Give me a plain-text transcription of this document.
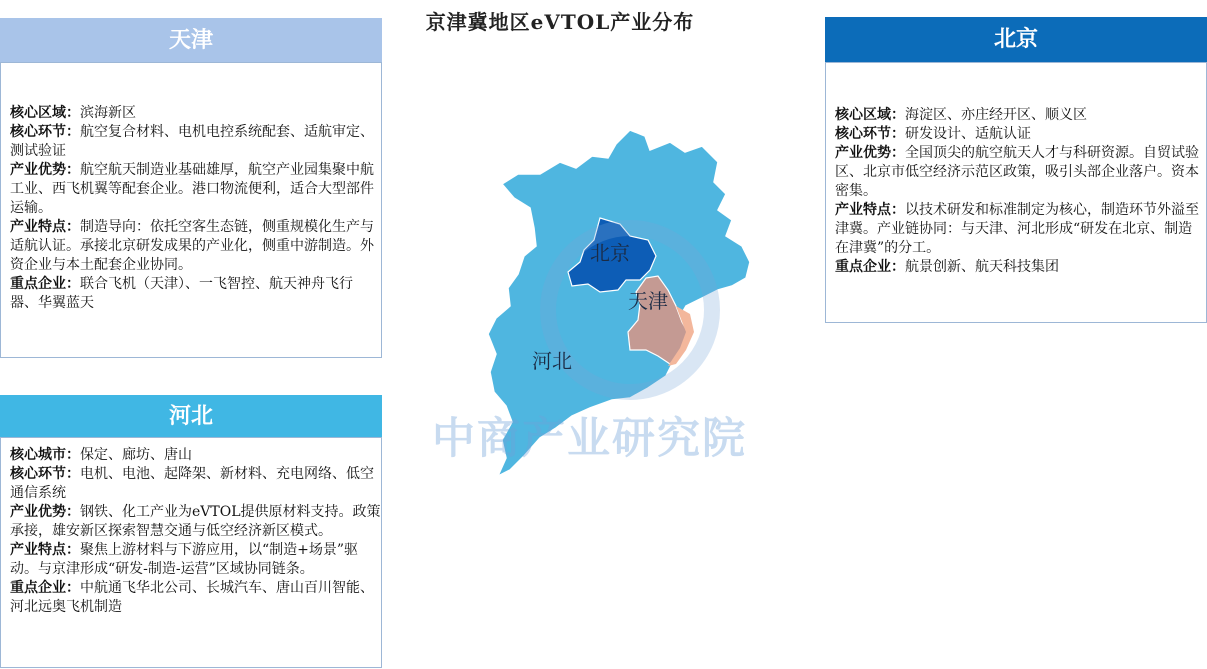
京津冀地区eVTOL产业分布
天津

核心区域：滨海新区

核心环节：航空复合材料、电机电控系统配套、适航审定、测试验证

产业优势：航空航天制造业基础雄厚，航空产业园集聚中航工业、西飞机翼等配套企业。港口物流便利，适合大型部件运输。

产业特点：制造导向：依托空客生态链，侧重规模化生产与适航认证。承接北京研发成果的产业化，侧重中游制造。外资企业与本土配套企业协同。

重点企业：联合飞机（天津）、一飞智控、航天神舟飞行器、华翼蓝天

河北

核心城市：保定、廊坊、唐山

核心环节：电机、电池、起降架、新材料、充电网络、低空通信系统

产业优势：钢铁、化工产业为eVTOL提供原材料支持。政策承接，雄安新区探索智慧交通与低空经济新区模式。

产业特点：聚焦上游材料与下游应用，以“制造+场景”驱动。与京津形成“研发-制造-运营”区域协同链条。

重点企业：中航通飞华北公司、长城汽车、唐山百川智能、河北远奥飞机制造

北京

核心区域：海淀区、亦庄经开区、顺义区

核心环节：研发设计、适航认证

产业优势：全国顶尖的航空航天人才与科研资源。自贸试验区、北京市低空经济示范区政策，吸引头部企业落户。资本密集。

产业特点：以技术研发和标准制定为核心，制造环节外溢至津冀。产业链协同：与天津、河北形成“研发在北京、制造在津冀”的分工。

重点企业：航景创新、航天科技集团

北京
天津
河北
中商产业研究院
